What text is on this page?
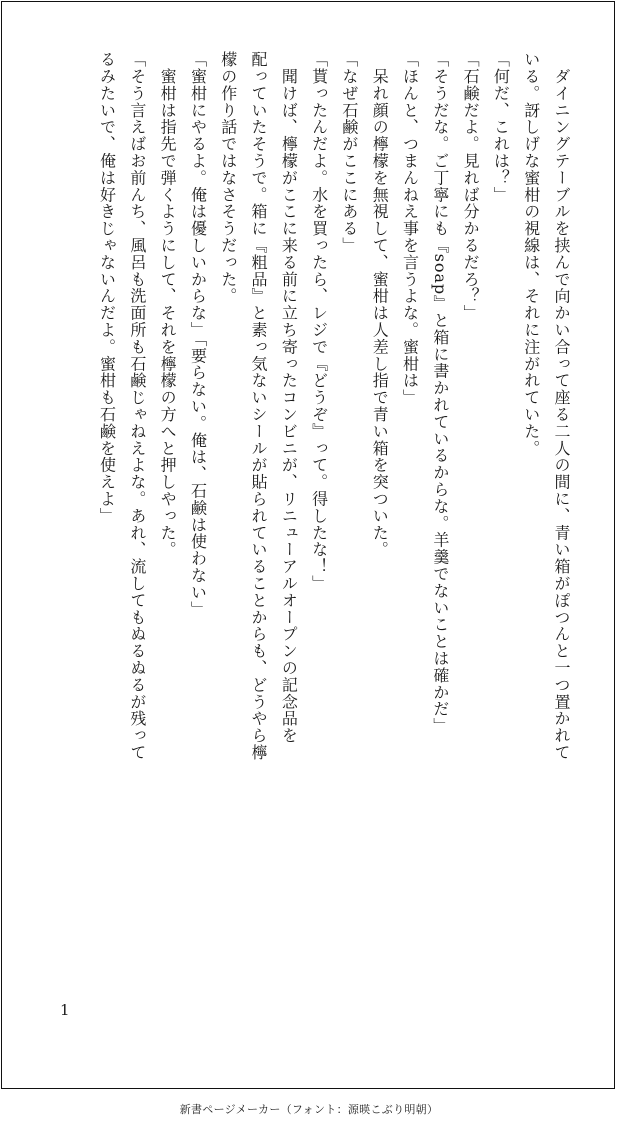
　ダイニングテーブルを挟んで向かい合って座る二人の間に、青い箱がぽつんと一つ置かれて

いる。訝しげな蜜柑の視線は、それに注がれていた。

「何だ、これは？」

「石鹸だよ。見れば分かるだろ？」

「そうだな。ご丁寧にも『soap』と箱に書かれているからな。羊羹でないことは確かだ」

「ほんと、つまんねえ事を言うよな。蜜柑は」

　呆れ顔の檸檬を無視して、蜜柑は人差し指で青い箱を突ついた。

「なぜ石鹸がここにある」

「貰ったんだよ。水を買ったら、レジで『どうぞ』って。得したな！」

　聞けば、檸檬がここに来る前に立ち寄ったコンビニが、リニューアルオープンの記念品を

配っていたそうで。箱に『粗品』と素っ気ないシールが貼られていることからも、どうやら檸

檬の作り話ではなさそうだった。

「蜜柑にやるよ。俺は優しいからな」「要らない。俺は、石鹸は使わない」

　蜜柑は指先で弾くようにして、それを檸檬の方へと押しやった。

「そう言えばお前んち、風呂も洗面所も石鹸じゃねえよな。あれ、流してもぬるぬるが残って

るみたいで、俺は好きじゃないんだよ。蜜柑も石鹸を使えよ」

1
新書ページメーカー（フォント：源暎こぶり明朝）
